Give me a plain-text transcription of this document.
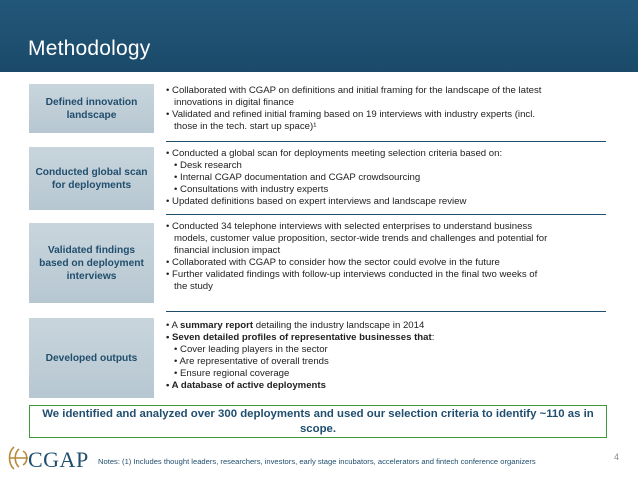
Methodology
Defined innovation landscape
• Collaborated with CGAP on definitions and initial framing for the landscape of the latest
innovations in digital finance
• Validated and refined initial framing based on 19 interviews with industry experts (incl.
those in the tech. start up space)¹
Conducted global scan for deployments
• Conducted a global scan for deployments meeting selection criteria based on:
• Desk research
• Internal CGAP documentation and CGAP crowdsourcing
• Consultations with industry experts
• Updated definitions based on expert interviews and landscape review
Validated findings based on deployment interviews
• Conducted 34 telephone interviews with selected enterprises to understand business
models, customer value proposition, sector-wide trends and challenges and potential for
financial inclusion impact
• Collaborated with CGAP to consider how the sector could evolve in the future
• Further validated findings with follow-up interviews conducted in the final two weeks of
the study
Developed outputs
• A summary report detailing the industry landscape in 2014
• Seven detailed profiles of representative businesses that:
• Cover leading players in the sector
• Are representative of overall trends
• Ensure regional coverage
• A database of active deployments
We identified and analyzed over 300 deployments and used our selection criteria to identify ~110 as in scope.
CGAP Notes: (1) Includes thought leaders, researchers, investors, early stage incubators, accelerators and fintech conference organizers	4
